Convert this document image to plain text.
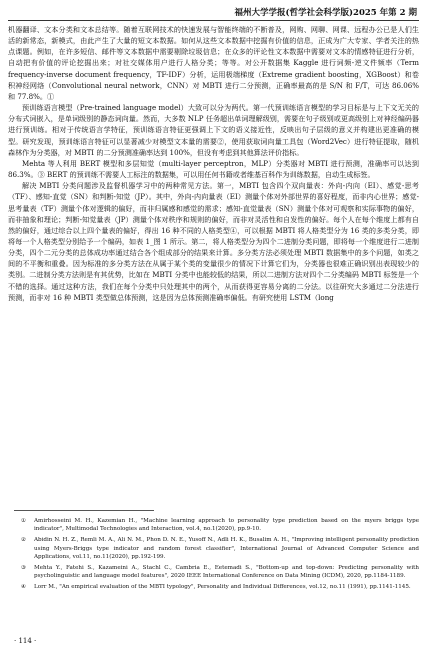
福州大学学报(哲学社会科学版)2025 年第 2 期

机器翻译、文本分类和文本总结等。随着互联网技术的快速发展与智能终端的不断普及，网购、网聊、网课、远程办公已是人们生活的新常态，新模式，由此产生了大量的短文本数据。如何从这些文本数据中挖掘有价值的信息，正成为广大专家、学者关注的热点课题。例如，在许多短信、邮件等文本数据中需要剔除垃圾信息；在众多的评论性文本数据中需要对文本的情感特征进行分析，自动把有价值的评论挖掘出来；对社交媒体用户进行人格分类；等等。对公开数据集 Kaggle 进行词频-逆文件频率（Term frequency-inverse document frequency，TF-IDF）分析，运用极端梯度（Extreme gradient boosting，XGBoost）和卷积神经网络（Convolutional neural network，CNN）对 MBTI 进行二分预测，正确率最高的是 S/N 和 F/T，可达 86.06% 和 77.8%。①

预训练语言模型（Pre-trained language model）大致可以分为两代。第一代预训练语言模型的学习目标是与上下文无关的分布式词嵌入，是单词级别的静态词向量。然而，大多数 NLP 任务超出单词理解级别，需要在句子级别或更高级别上对神经编码器进行预训练。相对于传统语言学特征，预训练语言特征更强调上下文的语义接近性，反映出句子层级的意义并构建出更准确的模型。研究发现，预训练语言特征可以显著减少对模型文本量的需要②，使用获取词向量工具包（Word2Vec）进行特征提取，随机森林作为分类器，对 MBTI 的二分预测准确率达到 100%，但没有考虑到其他算法评价指标。

Mehta 等人利用 BERT 模型和多层知觉（multi-layer perceptron，MLP）分类器对 MBTI 进行预测，准确率可以达到 86.3%。③ BERT 的预训练不需要人工标注的数据集，可以用任何书籍或者维基百科作为训练数据，自动生成标签。

解决 MBTI 分类问题涉及监督机器学习中的两种常见方法。第一，MBTI 包含四个双向量表：外向-内向（EI）、感觉-思考（TF）、感知-直觉（SN）和判断-知觉（JP）。其中，外向-内向量表（EI）测量个体对外部世界的喜好程度，而非内心世界；感觉-思考量表（TF）测量个体对逻辑的偏好，而非归属感和感觉的需求；感知-直觉量表（SN）测量个体对可观察和实际事物的偏好，而非抽象和理论；判断-知觉量表（JP）测量个体对秩序和规则的偏好，而非对灵活性和自发性的偏好。每个人在每个维度上都有自然的偏好，通过综合以上四个量表的偏好，得出 16 种不同的人格类型④，可以根据 MBTI 将人格类型分为 16 类的多类分类，即将每一个人格类型分别给予一个编码，如表 1_图 1 所示。第二，将人格类型分为四个二进制分类问题，即将每一个维度进行二进制分类，四个二元分类的总体成功率通过结合各个组成部分的结果来计算。多分类方法必须处理 MBTI 数据集中的多个问题，如类之间的不平衡和重叠。因为标准的多分类方法在从属于某个类的变量很少的情况下计算它们为，分类器也很难正确识别出表现较少的类别。二进制分类方法则是有其优势，比如在 MBTI 分类中也能较低的结果，所以二进制方法对四个二分类编码 MBTI 标签是一个不错的选择。通过这种方法，我们在每个分类中只处理其中的两个，从而获得更容易分离的二分法。以往研究大多通过二分法进行预测，而非对 16 种 MBTI 类型做总体预测，这是因为总体预测准确率偏低。有研究使用 LSTM（long

①	Amirhosseini M. H., Kazemian H., "Machine learning approach to personality type prediction based on the myers briggs type indicator", Multimodal Technologies and Interaction, vol.4, no.1(2020), pp.9-10.
②	Abidin N. H. Z., Remli M. A., Ali N. M., Phon D. N. E., Yusoff N., Adli H. K., Busalim A. H., "Improving intelligent personality prediction using Myers-Briggs type indicator and random forest classifier", International Journal of Advanced Computer Science and Applications, vol.11, no.11(2020), pp.192-199.
③	Mehta Y., Fatehi S., Kazameini A., Stachl C., Cambria E., Eetemadi S., "Bottom-up and top-down: Predicting personality with psycholinguistic and language model features", 2020 IEEE International Conference on Data Mining (ICDM), 2020, pp.1184-1189.
④	Lorr M., "An empirical evaluation of the MBTI typology", Personality and Individual Differences, vol.12, no.11 (1991), pp.1141-1145.
· 114 ·
